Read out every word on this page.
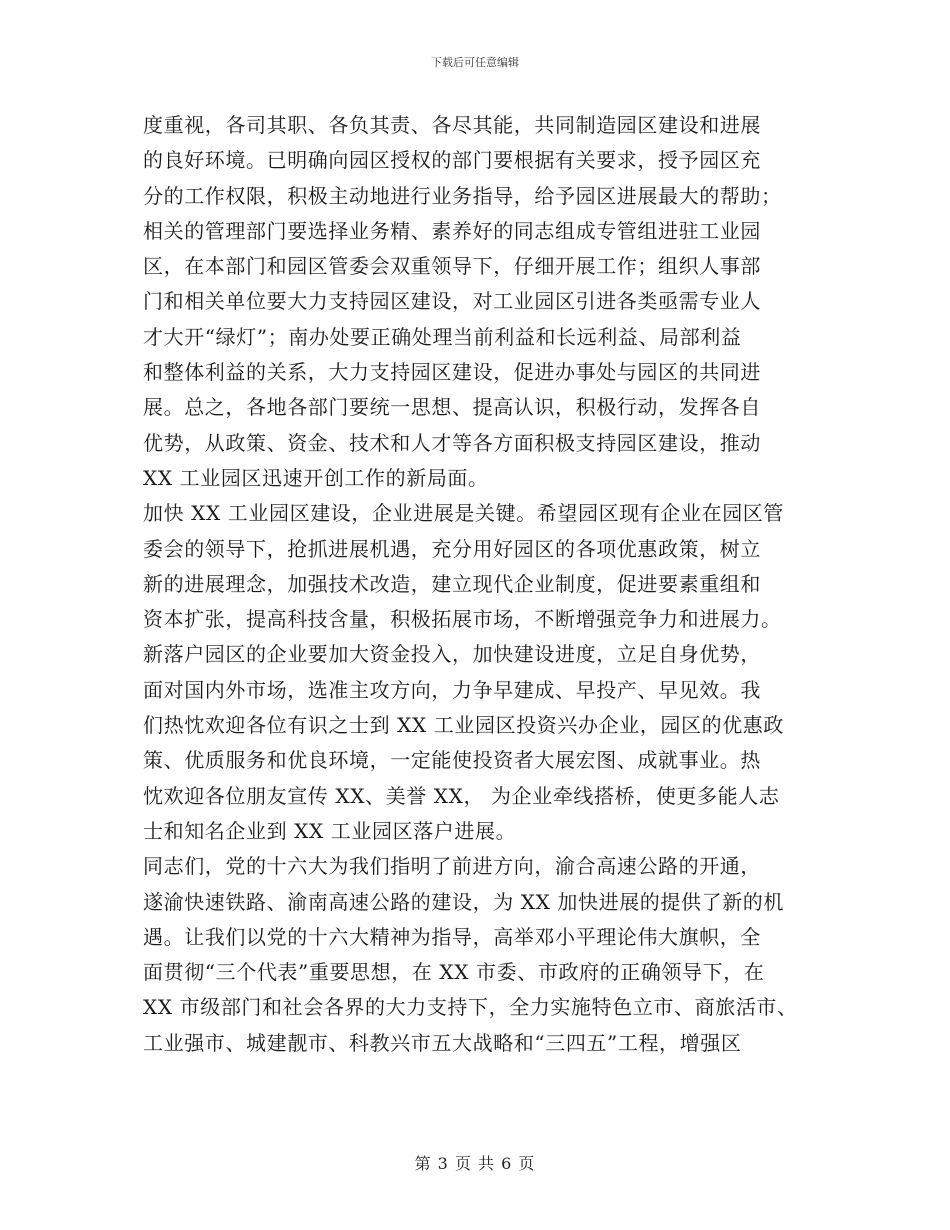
下载后可任意编辑
度重视，各司其职、各负其责、各尽其能，共同制造园区建设和进展
的良好环境。已明确向园区授权的部门要根据有关要求，授予园区充
分的工作权限，积极主动地进行业务指导，给予园区进展最大的帮助；
相关的管理部门要选择业务精、素养好的同志组成专管组进驻工业园
区，在本部门和园区管委会双重领导下，仔细开展工作；组织人事部
门和相关单位要大力支持园区建设，对工业园区引进各类亟需专业人
才大开“绿灯”；南办处要正确处理当前利益和长远利益、局部利益
和整体利益的关系，大力支持园区建设，促进办事处与园区的共同进
展。总之，各地各部门要统一思想、提高认识，积极行动，发挥各自
优势，从政策、资金、技术和人才等各方面积极支持园区建设，推动
XX 工业园区迅速开创工作的新局面。
加快 XX 工业园区建设，企业进展是关键。希望园区现有企业在园区管
委会的领导下，抢抓进展机遇，充分用好园区的各项优惠政策，树立
新的进展理念，加强技术改造，建立现代企业制度，促进要素重组和
资本扩张，提高科技含量，积极拓展市场，不断增强竞争力和进展力。
新落户园区的企业要加大资金投入，加快建设进度，立足自身优势，
面对国内外市场，选准主攻方向，力争早建成、早投产、早见效。我
们热忱欢迎各位有识之士到 XX 工业园区投资兴办企业，园区的优惠政
策、优质服务和优良环境，一定能使投资者大展宏图、成就事业。热
忱欢迎各位朋友宣传 XX、美誉 XX， 为企业牵线搭桥，使更多能人志
士和知名企业到 XX 工业园区落户进展。
同志们，党的十六大为我们指明了前进方向，渝合高速公路的开通，
遂渝快速铁路、渝南高速公路的建设，为 XX 加快进展的提供了新的机
遇。让我们以党的十六大精神为指导，高举邓小平理论伟大旗帜，全
面贯彻“三个代表”重要思想，在 XX 市委、市政府的正确领导下，在
XX 市级部门和社会各界的大力支持下，全力实施特色立市、商旅活市、
工业强市、城建靓市、科教兴市五大战略和“三四五”工程，增强区
第 3 页 共 6 页
